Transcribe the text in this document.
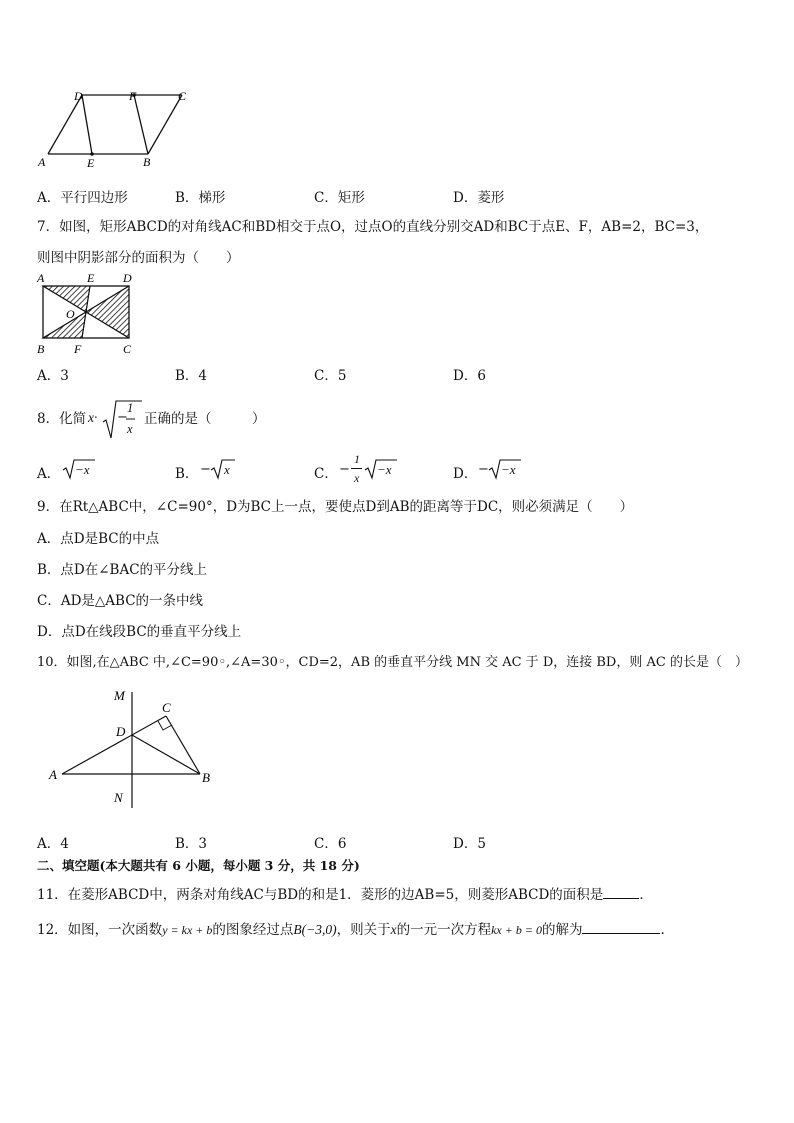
D	F	C
A	E	B
A．平行四边形	B．梯形	C．矩形	D．菱形
7．如图，矩形ABCD的对角线AC和BD相交于点O，过点O的直线分别交AD和BC于点E、F，AB=2，BC=3，
则图中阴影部分的面积为（　　）
A	E D
O
B F	C
A．3	B．4	C．5	D．6
8．化简 x· −
1
x
正确的是（　　　）
A． −x	B． − x	C． −
1
x
−x	D． − −x
9．在Rt△ABC中，∠C=90°，D为BC上一点，要使点D到AB的距离等于DC，则必须满足（　　）
A．点D是BC的中点
B．点D在∠BAC的平分线上
C．AD是△ABC的一条中线
D．点D在线段BC的垂直平分线上
10．如图,在△ABC 中,∠C=90◦,∠A=30◦，CD=2，AB 的垂直平分线 MN 交 AC 于 D，连接 BD，则 AC 的长是（　）
M
C
D
A	B
N
A．4	B．3	C．6	D．5
二、填空题(本大题共有 6 小题，每小题 3 分，共 18 分)
11．在菱形ABCD中，两条对角线AC与BD的和是1．菱形的边AB=5，则菱形ABCD的面积是	．
12．如图，一次函数y = kx + b的图象经过点B(−3,0)，则关于x的一元一次方程kx + b = 0的解为	.
